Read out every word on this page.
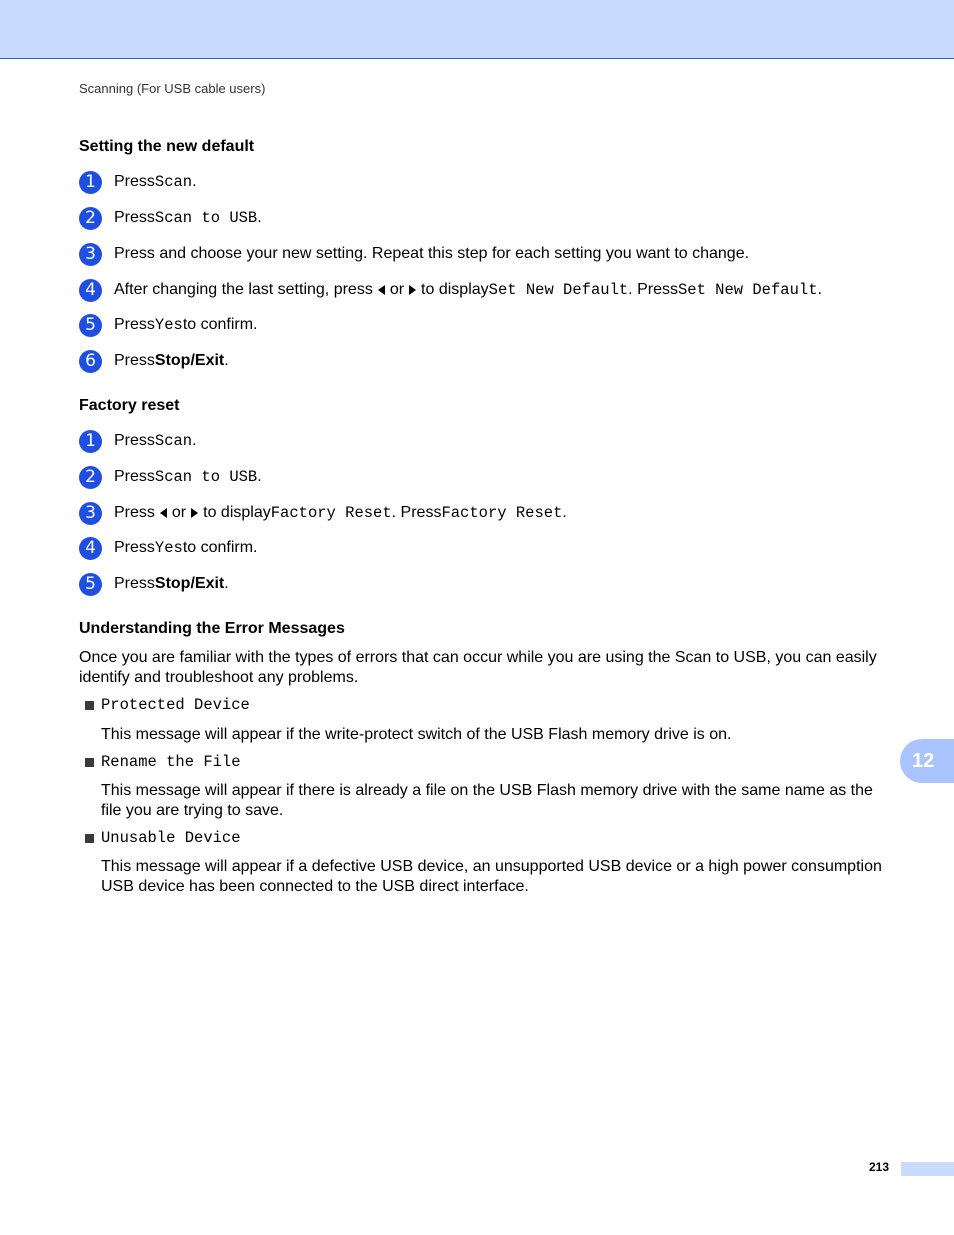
Scanning (For USB cable users)
Setting the new default
1	Press Scan .
2	Press Scan to USB .
3	Press and choose your new setting. Repeat this step for each setting you want to change.
4	After changing the last setting, press or to display Set New Default . Press Set New Default .
5	Press Yes to confirm.
6	Press Stop/Exit .
Factory reset
1	Press Scan .
2	Press Scan to USB .
3	Press or to display Factory Reset . Press Factory Reset .
4	Press Yes to confirm.
5	Press Stop/Exit .
Understanding the Error Messages
Once you are familiar with the types of errors that can occur while you are using the Scan to USB, you can easily identify and troubleshoot any problems.
Protected Device
This message will appear if the write-protect switch of the USB Flash memory drive is on.
Rename the File
This message will appear if there is already a file on the USB Flash memory drive with the same name as the file you are trying to save.
Unusable Device
This message will appear if a defective USB device, an unsupported USB device or a high power consumption USB device has been connected to the USB direct interface.
12
213
